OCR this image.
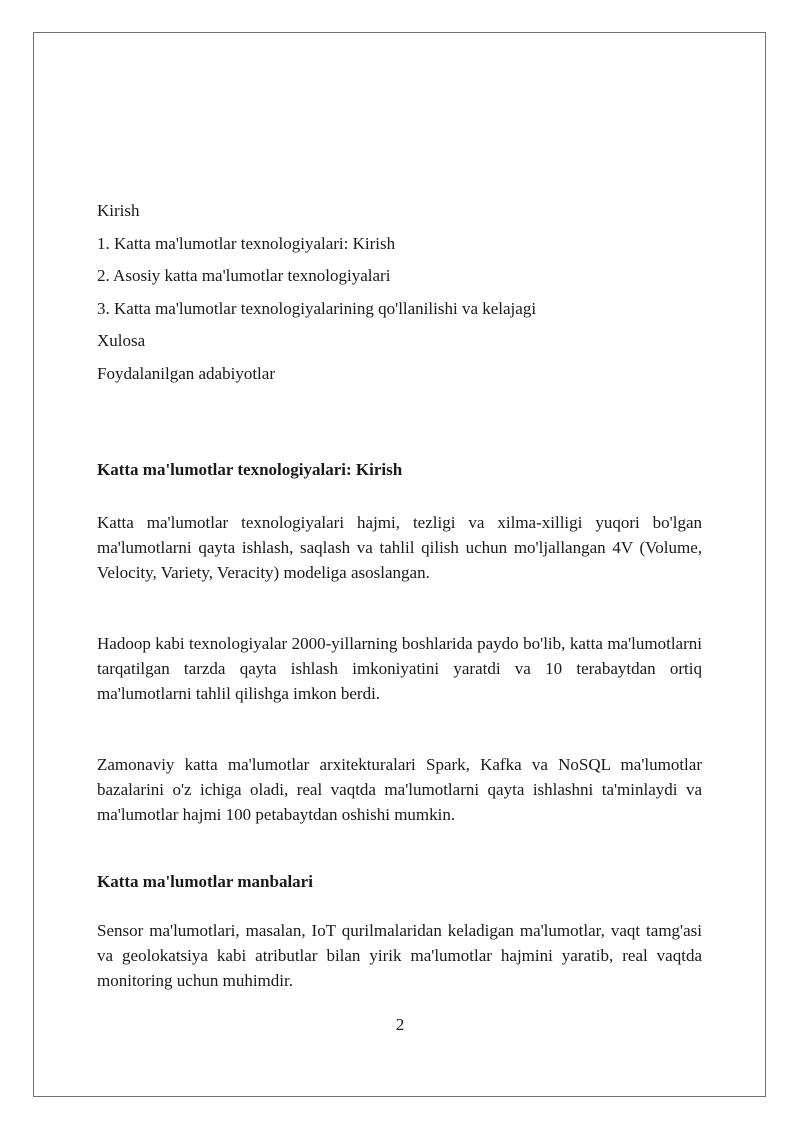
Kirish
1. Katta ma'lumotlar texnologiyalari: Kirish
2. Asosiy katta ma'lumotlar texnologiyalari
3. Katta ma'lumotlar texnologiyalarining qo'llanilishi va kelajagi
Xulosa
Foydalanilgan adabiyotlar
Katta ma'lumotlar texnologiyalari: Kirish

Katta ma'lumotlar texnologiyalari hajmi, tezligi va xilma-xilligi yuqori bo'lgan ma'lumotlarni qayta ishlash, saqlash va tahlil qilish uchun mo'ljallangan 4V (Volume, Velocity, Variety, Veracity) modeliga asoslangan.

Hadoop kabi texnologiyalar 2000-yillarning boshlarida paydo bo'lib, katta ma'lumotlarni tarqatilgan tarzda qayta ishlash imkoniyatini yaratdi va 10 terabaytdan ortiq ma'lumotlarni tahlil qilishga imkon berdi.

Zamonaviy katta ma'lumotlar arxitekturalari Spark, Kafka va NoSQL ma'lumotlar bazalarini o'z ichiga oladi, real vaqtda ma'lumotlarni qayta ishlashni ta'minlaydi va ma'lumotlar hajmi 100 petabaytdan oshishi mumkin.

Katta ma'lumotlar manbalari

Sensor ma'lumotlari, masalan, IoT qurilmalaridan keladigan ma'lumotlar, vaqt tamg'asi va geolokatsiya kabi atributlar bilan yirik ma'lumotlar hajmini yaratib, real vaqtda monitoring uchun muhimdir.

2
